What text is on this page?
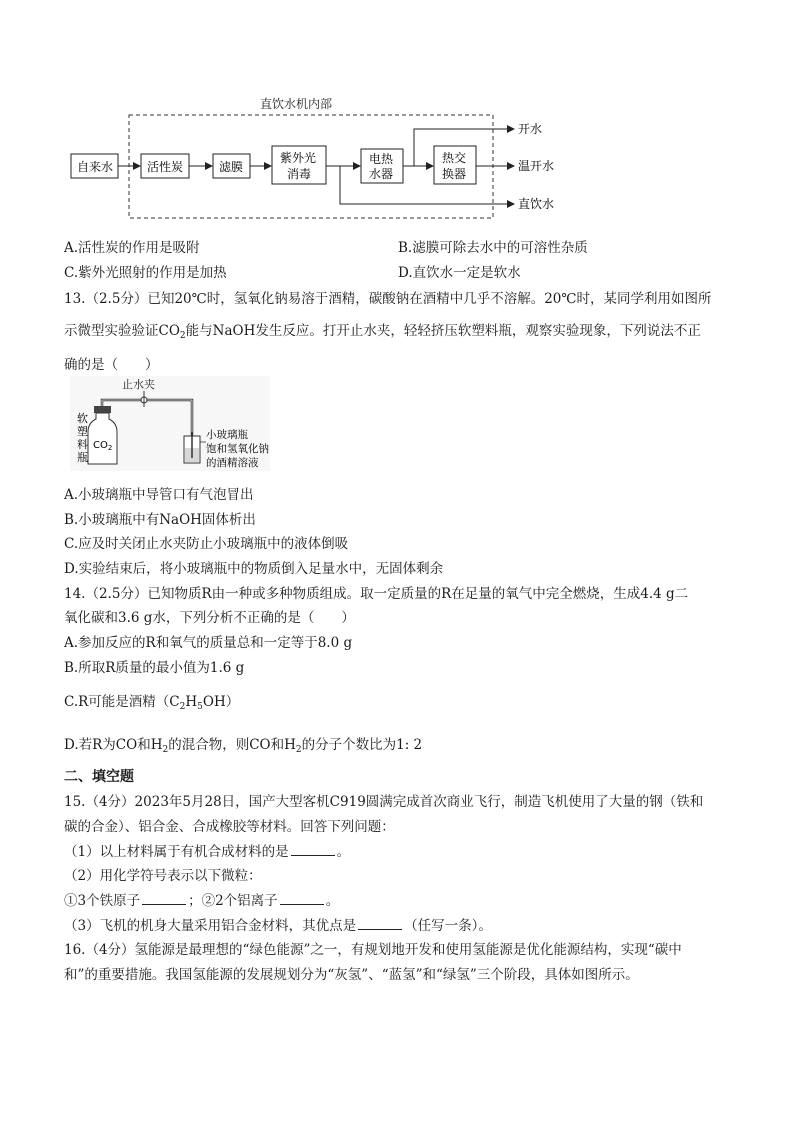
直饮水机内部
自来水	活性炭	滤膜
紫外光
消毒
电热
水器
热交
换器
开水
温开水
直饮水
A.活性炭的作用是吸附	B.滤膜可除去水中的可溶性杂质
C.紫外光照射的作用是加热	D.直饮水一定是软水
13.（2.5分）已知20℃时，氢氧化钠易溶于酒精，碳酸钠在酒精中几乎不溶解。20℃时，某同学利用如图所
示微型实验验证$CO_2$能与NaOH发生反应。打开止水夹，轻轻挤压软塑料瓶，观察实验现象，下列说法不正
确的是（　　）
止水夹
软
塑
料
瓶
$CO_2$
小玻璃瓶
饱和氢氧化钠
的酒精溶液
A.小玻璃瓶中导管口有气泡冒出
B.小玻璃瓶中有NaOH固体析出
C.应及时关闭止水夹防止小玻璃瓶中的液体倒吸
D.实验结束后，将小玻璃瓶中的物质倒入足量水中，无固体剩余
14.（2.5分）已知物质R由一种或多种物质组成。取一定质量的R在足量的氧气中完全燃烧，生成4.4 g二
氧化碳和3.6 g水，下列分析不正确的是（　　）
A.参加反应的R和氧气的质量总和一定等于8.0 g
B.所取R质量的最小值为1.6 g
C.R可能是酒精$(C_2H_5OH)$
D.若R为CO和$H_2$的混合物，则CO和$H_2$的分子个数比为1: 2
二、填空题
15.（4分）2023年5月28日，国产大型客机C919圆满完成首次商业飞行，制造飞机使用了大量的钢（铁和
碳的合金）、铝合金、合成橡胶等材料。回答下列问题：
（1）以上材料属于有机合成材料的是	。
（2）用化学符号表示以下微粒：
①3个铁原子	；②2个铝离子	。
（3）飞机的机身大量采用铝合金材料，其优点是	（任写一条）。
16.（4分）氢能源是最理想的“绿色能源”之一，有规划地开发和使用氢能源是优化能源结构，实现“碳中
和”的重要措施。我国氢能源的发展规划分为“灰氢”、“蓝氢”和“绿氢”三个阶段，具体如图所示。
